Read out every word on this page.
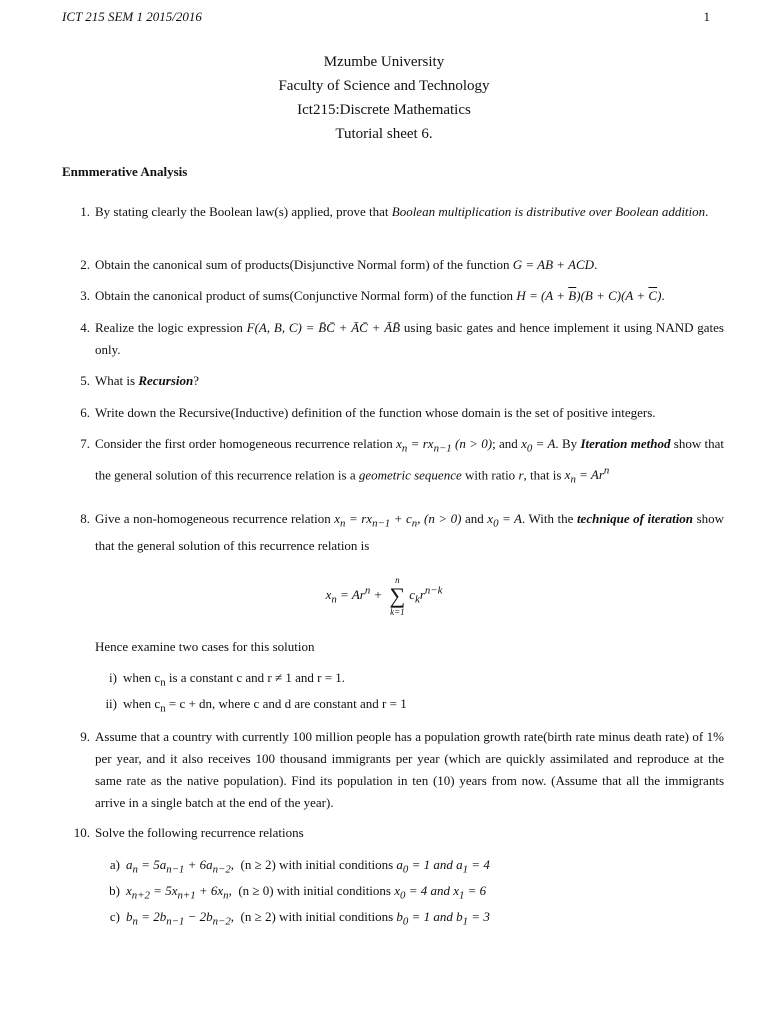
ICT 215 SEM 1 2015/2016	1
Mzumbe University
Faculty of Science and Technology
Ict215:Discrete Mathematics
Tutorial sheet 6.
Enmmerative Analysis
1. By stating clearly the Boolean law(s) applied, prove that Boolean multiplication is distributive over Boolean addition.
2. Obtain the canonical sum of products(Disjunctive Normal form) of the function G = AB + ACD.
3. Obtain the canonical product of sums(Conjunctive Normal form) of the function $H = (A + \overline{B})(B + C)(A + \overline{C})$.
4. Realize the logic expression F(A, B, C) = B̄C̄ + ĀC̄ + ĀB̄ using basic gates and hence implement it using NAND gates only.
5. What is Recursion?
6. Write down the Recursive(Inductive) definition of the function whose domain is the set of positive integers.
7. Consider the first order homogeneous recurrence relation $x_n = rx_{n-1}$ (n > 0); and $x_0 = A$. By Iteration method show that the general solution of this recurrence relation is a geometric sequence with ratio r, that is $x_n = Ar^n$
8. Give a non-homogeneous recurrence relation $x_n = rx_{n-1} + c_n$, (n > 0) and $x_0 = A$. With the technique of iteration show that the general solution of this recurrence relation is
$x_n = Ar^n$ +
n
∑
k=1
$c_kr^{n-k}$
Hence examine two cases for this solution
i) when $c_n$ is a constant c and r ≠ 1 and r = 1.
ii) when $c_n = c$ + dn, where c and d are constant and r = 1
9. Assume that a country with currently 100 million people has a population growth rate(birth rate minus death rate) of 1% per year, and it also receives 100 thousand immigrants per year (which are quickly assimilated and reproduce at the same rate as the native population). Find its population in ten (10) years from now. (Assume that all the immigrants arrive in a single batch at the end of the year).
10. Solve the following recurrence relations
a) $a_n = 5a_{n-1} + 6a_{n-2}$, (n ≥ 2) with initial conditions $a_0 = 1$ and $a_1 = 4$
b) $x_{n+2} = 5x_{n+1} + 6x_n$, (n ≥ 0) with initial conditions $x_0 = 4$ and $x_1 = 6$
c) $b_n = 2b_{n-1} - 2b_{n-2}$, (n ≥ 2) with initial conditions $b_0 = 1$ and $b_1 = 3$
